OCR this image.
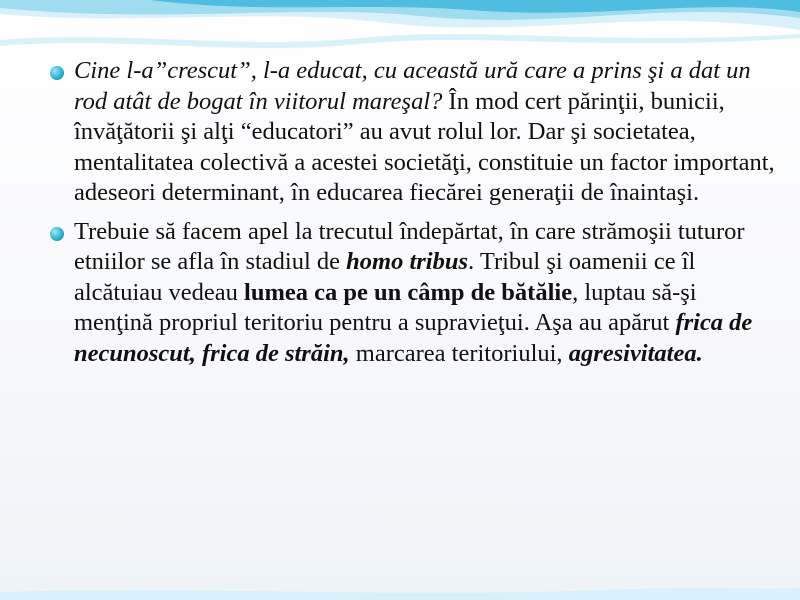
Cine l-a”crescut”, l-a educat, cu această ură care a prins şi a dat un rod atât de bogat în viitorul mareşal? În mod cert părinţii, bunicii, învăţătorii şi alţi “educatori” au avut rolul lor. Dar şi societatea, mentalitatea colectivă a acestei societăţi, constituie un factor important, adeseori determinant, în educarea fiecărei generaţii de înaintaşi.
Trebuie să facem apel la trecutul îndepărtat, în care strămoşii tuturor etniilor se afla în stadiul de homo tribus. Tribul şi oamenii ce îl alcătuiau vedeau lumea ca pe un câmp de bătălie, luptau să-şi menţină propriul teritoriu pentru a supravieţui. Aşa au apărut frica de necunoscut, frica de străin, marcarea teritoriului, agresivitatea.
